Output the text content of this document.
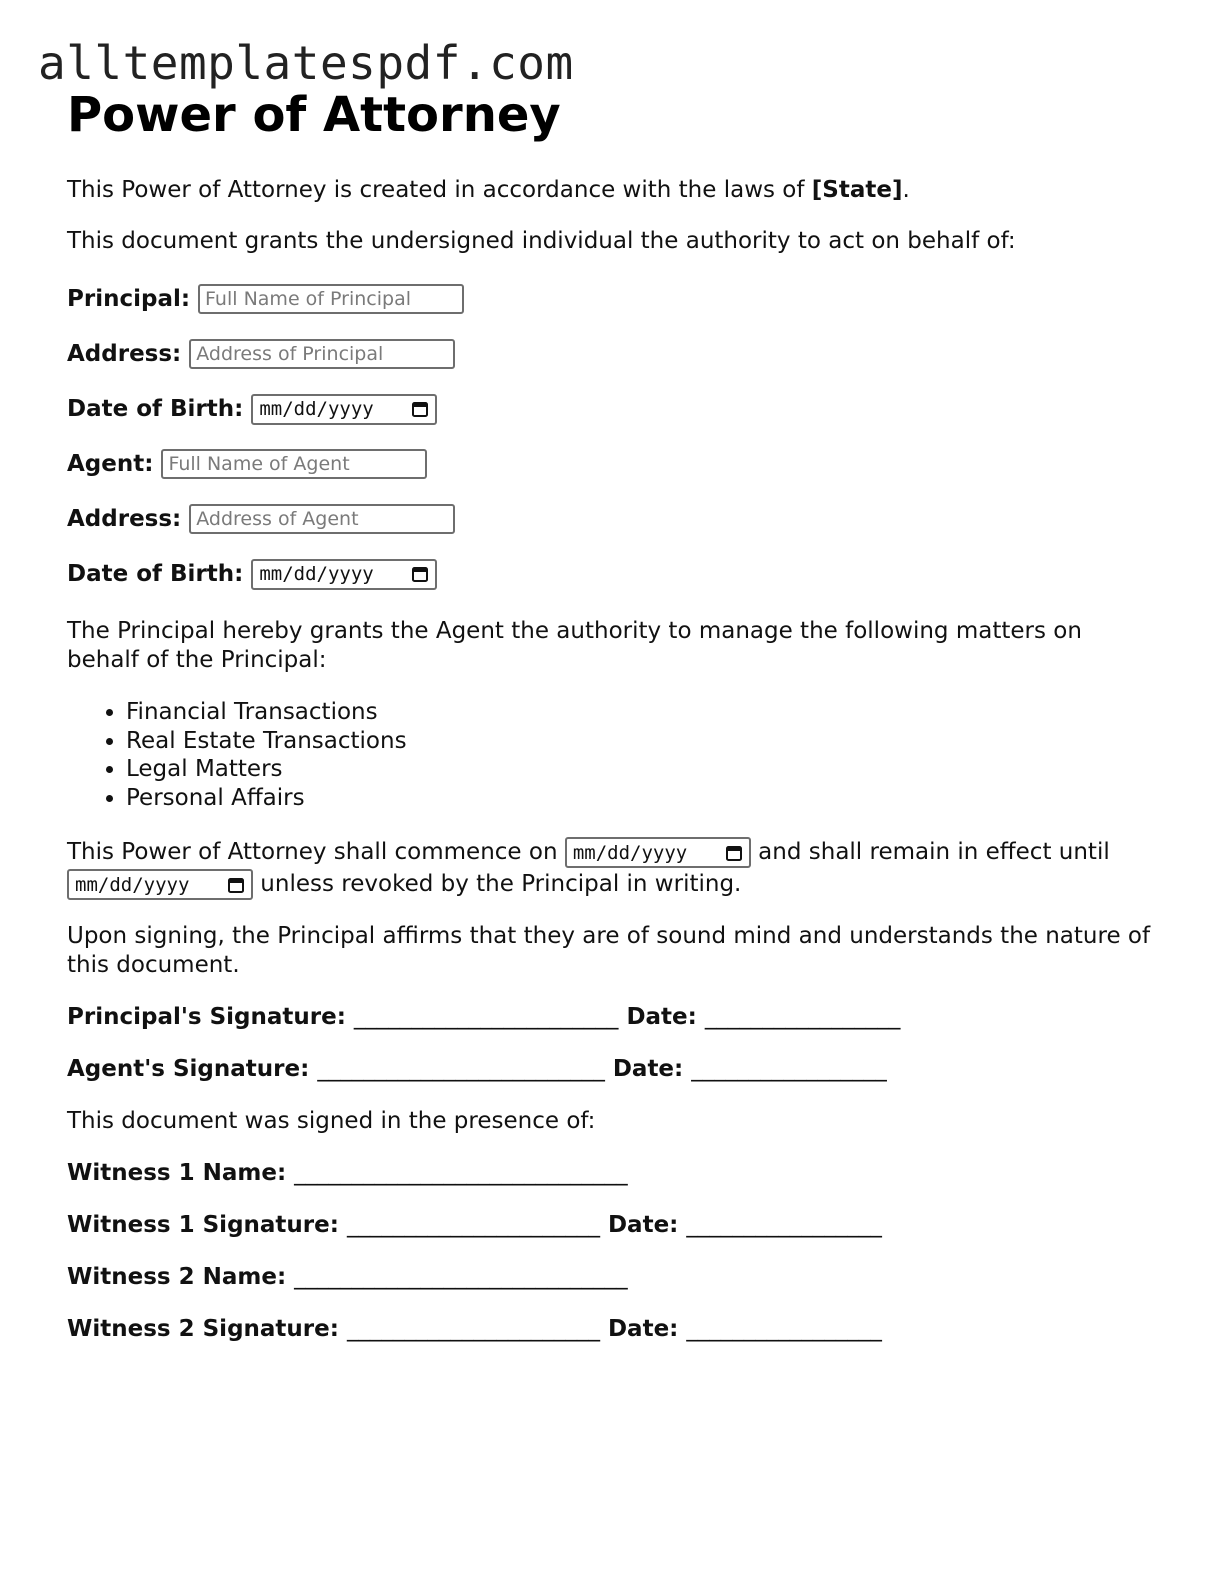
alltemplatespdf.com
Power of Attorney

This Power of Attorney is created in accordance with the laws of [State].

This document grants the undersigned individual the authority to act on behalf of:

Principal:
Full Name of Principal
Address:
Address of Principal
Date of Birth: mm/dd/yyyy
Agent:
Full Name of Agent
Address:
Address of Agent
Date of Birth: mm/dd/yyyy

The Principal hereby grants the Agent the authority to manage the following matters on behalf of the Principal:

• Financial Transactions
• Real Estate Transactions
• Legal Matters
• Personal Affairs

This Power of Attorney shall commence on mm/dd/yyyy	and shall remain in effect until
mm/dd/yyyy	unless revoked by the Principal in writing.

Upon signing, the Principal affirms that they are of sound mind and understands the nature of this document.

Principal's Signature: _______________________ Date: _________________
Agent's Signature: _________________________ Date: _________________

This document was signed in the presence of:

Witness 1 Name: _____________________________
Witness 1 Signature: ______________________ Date: _________________
Witness 2 Name: _____________________________
Witness 2 Signature: ______________________ Date: _________________
